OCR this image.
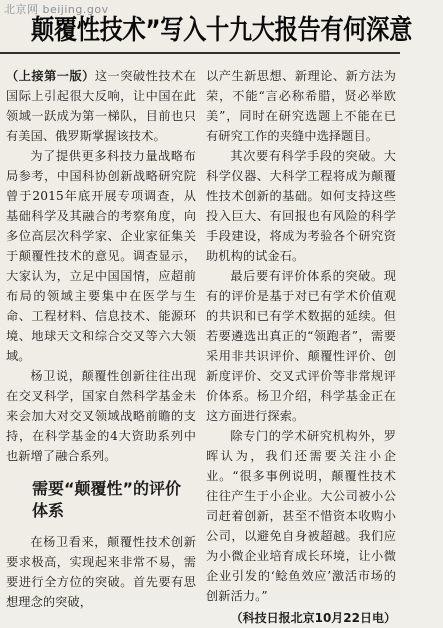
北京网 beijing.gov
颠覆性技术”写入十九大报告有何深意

（上接第一版）这一突破性技术在国际上引起很大反响，让中国在此领域一跃成为第一梯队，目前也只有美国、俄罗斯掌握该技术。

为了提供更多科技力量战略布局参考，中国科协创新战略研究院曾于2015年底开展专项调查，从基础科学及其融合的考察角度，向多位高层次科学家、企业家征集关于颠覆性技术的意见。调查显示，大家认为，立足中国国情，应超前布局的领域主要集中在医学与生命、工程材料、信息技术、能源环境、地球天文和综合交叉等六大领域。

杨卫说，颠覆性创新往往出现在交叉科学，国家自然科学基金未来会加大对交叉领域战略前瞻的支持，在科学基金的4大资助系列中也新增了融合系列。

需要“颠覆性”的评价体系

在杨卫看来，颠覆性技术创新要求极高，实现起来非常不易，需要进行全方位的突破。首先要有思想理念的突破，

以产生新思想、新理论、新方法为荣，不能“言必称希腊，贤必举欧美”，同时在研究选题上不能在已有研究工作的夹缝中选择题目。

其次要有科学手段的突破。大科学仪器、大科学工程将成为颠覆性技术创新的基础。如何支持这些投入巨大、有回报也有风险的科学手段建设，将成为考验各个研究资助机构的试金石。

最后要有评价体系的突破。现有的评价是基于对已有学术价值观的共识和已有学术数据的延续。但若要遴选出真正的“领跑者”，需要采用非共识评价、颠覆性评价、创新度评价、交叉式评价等非常规评价体系。杨卫介绍，科学基金正在这方面进行探索。

除专门的学术研究机构外，罗晖认为，我们还需要关注小企业。“很多事例说明，颠覆性技术往往产生于小企业。大公司被小公司赶着创新，甚至不惜资本收购小公司，以避免自身被超越。我们应为小微企业培育成长环境，让小微企业引发的‘鲶鱼效应’激活市场的创新活力。”

（科技日报北京10月22日电）
